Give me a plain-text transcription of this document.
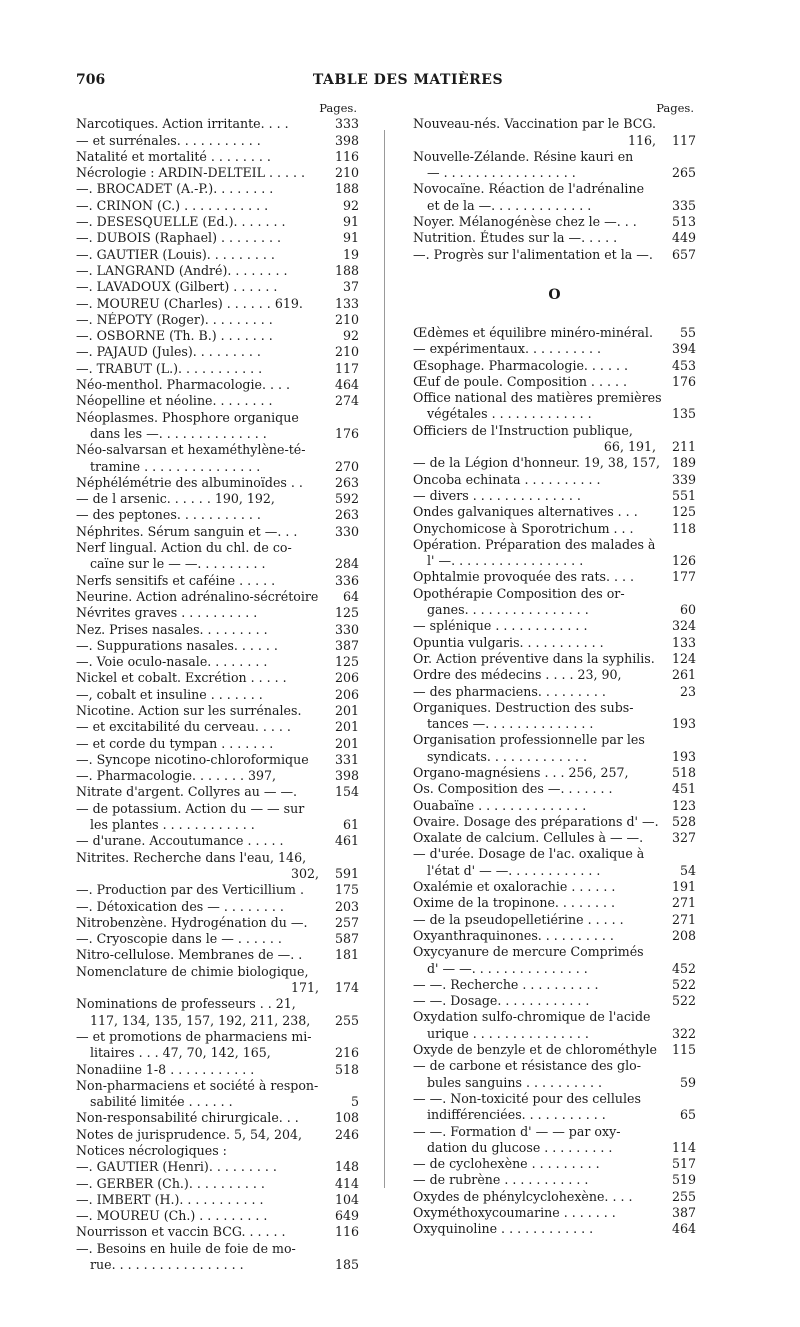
706	TABLE DES MATIÈRES
Pages.
Narcotiques. Action irritante. . . .	333
— et surrénales. . . . . . . . . . .	398
Natalité et mortalité . . . . . . . .	116
Nécrologie : ARDIN-DELTEIL . . . . .	210
—. BROCADET (A.-P.). . . . . . . .	188
—. CRINON (C.) . . . . . . . . . . .	92
—. DESESQUELLE (Ed.). . . . . . .	91
—. DUBOIS (Raphael) . . . . . . . .	91
—. GAUTIER (Louis). . . . . . . . .	19
—. LANGRAND (André). . . . . . . .	188
—. LAVADOUX (Gilbert) . . . . . .	37
—. MOUREU (Charles) . . . . . . 619.	133
—. NÉPOTY (Roger). . . . . . . . .	210
—. OSBORNE (Th. B.) . . . . . . .	92
—. PAJAUD (Jules). . . . . . . . .	210
—. TRABUT (L.). . . . . . . . . . .	117
Néo-menthol. Pharmacologie. . . .	464
Néopelline et néoline. . . . . . . .	274
Néoplasmes. Phosphore organique
dans les —. . . . . . . . . . . . . .	176
Néo-salvarsan et hexaméthylène-té-
tramine . . . . . . . . . . . . . . .	270
Néphélémétrie des albuminoïdes . .	263
— de l arsenic. . . . . . 190, 192,	592
— des peptones. . . . . . . . . . .	263
Néphrites. Sérum sanguin et —. . .	330
Nerf lingual. Action du chl. de co-
caïne sur le — —. . . . . . . . .	284
Nerfs sensitifs et caféine . . . . .	336
Neurine. Action adrénalino-sécrétoire	64
Névrites graves . . . . . . . . . .	125
Nez. Prises nasales. . . . . . . . .	330
—. Suppurations nasales. . . . . .	387
—. Voie oculo-nasale. . . . . . . .	125
Nickel et cobalt. Excrétion . . . . .	206
—, cobalt et insuline . . . . . . .	206
Nicotine. Action sur les surrénales.	201
— et excitabilité du cerveau. . . . .	201
— et corde du tympan . . . . . . .	201
—. Syncope nicotino-chloroformique	331
—. Pharmacologie. . . . . . . 397,	398
Nitrate d'argent. Collyres au — —.	154
— de potassium. Action du — — sur
les plantes . . . . . . . . . . . .	61
— d'urane. Accoutumance . . . . .	461
Nitrites. Recherche dans l'eau, 146,
302,	591
—. Production par des Verticillium .	175
—. Détoxication des — . . . . . . . .	203
Nitrobenzène. Hydrogénation du —.	257
—. Cryoscopie dans le — . . . . . .	587
Nitro-cellulose. Membranes de —. .	181
Nomenclature de chimie biologique,
171,	174
Nominations de professeurs . . 21,
117, 134, 135, 157, 192, 211, 238,	255
— et promotions de pharmaciens mi-
litaires . . . 47, 70, 142, 165,	216
Nonadiine 1-8 . . . . . . . . . . .	518
Non-pharmaciens et société à respon-
sabilité limitée . . . . . .	5
Non-responsabilité chirurgicale. . .	108
Notes de jurisprudence. 5, 54, 204,	246
Notices nécrologiques :
—. GAUTIER (Henri). . . . . . . . .	148
—. GERBER (Ch.). . . . . . . . . .	414
—. IMBERT (H.). . . . . . . . . . .	104
—. MOUREU (Ch.) . . . . . . . . .	649
Nourrisson et vaccin BCG. . . . . .	116
—. Besoins en huile de foie de mo-
rue. . . . . . . . . . . . . . . . .	185
Pages.
Nouveau-nés. Vaccination par le BCG.
116,	117
Nouvelle-Zélande. Résine kauri en
— . . . . . . . . . . . . . . . . .	265
Novocaïne. Réaction de l'adrénaline
et de la —. . . . . . . . . . . . .	335
Noyer. Mélanogénèse chez le —. . .	513
Nutrition. Études sur la —. . . . .	449
—. Progrès sur l'alimentation et la —.	657
O
Œdèmes et équilibre minéro-minéral.	55
— expérimentaux. . . . . . . . . .	394
Œsophage. Pharmacologie. . . . . .	453
Œuf de poule. Composition . . . . .	176
Office national des matières premières
végétales . . . . . . . . . . . . .	135
Officiers de l'Instruction publique,
66, 191,	211
— de la Légion d'honneur. 19, 38, 157, 189
Oncoba echinata . . . . . . . . . .	339
— divers . . . . . . . . . . . . . .	551
Ondes galvaniques alternatives . . .	125
Onychomicose à Sporotrichum . . .	118
Opération. Préparation des malades à
l' —. . . . . . . . . . . . . . . . .	126
Ophtalmie provoquée des rats. . . .	177
Opothérapie Composition des or-
ganes. . . . . . . . . . . . . . . .	60
— splénique . . . . . . . . . . . .	324
Opuntia vulgaris. . . . . . . . . . .	133
Or. Action préventive dans la syphilis.	124
Ordre des médecins . . . . 23, 90,	261
— des pharmaciens. . . . . . . . .	23
Organiques. Destruction des subs-
tances —. . . . . . . . . . . . . .	193
Organisation professionnelle par les
syndicats. . . . . . . . . . . . .	193
Organo-magnésiens . . . 256, 257,	518
Os. Composition des —. . . . . . .	451
Ouabaïne . . . . . . . . . . . . . .	123
Ovaire. Dosage des préparations d' —.	528
Oxalate de calcium. Cellules à — —.	327
— d'urée. Dosage de l'ac. oxalique à
l'état d' — —. . . . . . . . . . . .	54
Oxalémie et oxalorachie . . . . . .	191
Oxime de la tropinone. . . . . . . .	271
— de la pseudopelletiérine . . . . .	271
Oxyanthraquinones. . . . . . . . . .	208
Oxycyanure de mercure Comprimés
d' — —. . . . . . . . . . . . . . .	452
— —. Recherche . . . . . . . . . .	522
— —. Dosage. . . . . . . . . . . .	522
Oxydation sulfo-chromique de l'acide
urique . . . . . . . . . . . . . . .	322
Oxyde de benzyle et de chlorométhyle	115
— de carbone et résistance des glo-
bules sanguins . . . . . . . . . .	59
— —. Non-toxicité pour des cellules
indifférenciées. . . . . . . . . . .	65
— —. Formation d' — — par oxy-
dation du glucose . . . . . . . . .	114
— de cyclohexène . . . . . . . . .	517
— de rubrène . . . . . . . . . . .	519
Oxydes de phénylcyclohexène. . . .	255
Oxyméthoxycoumarine . . . . . . .	387
Oxyquinoline . . . . . . . . . . . .	464
